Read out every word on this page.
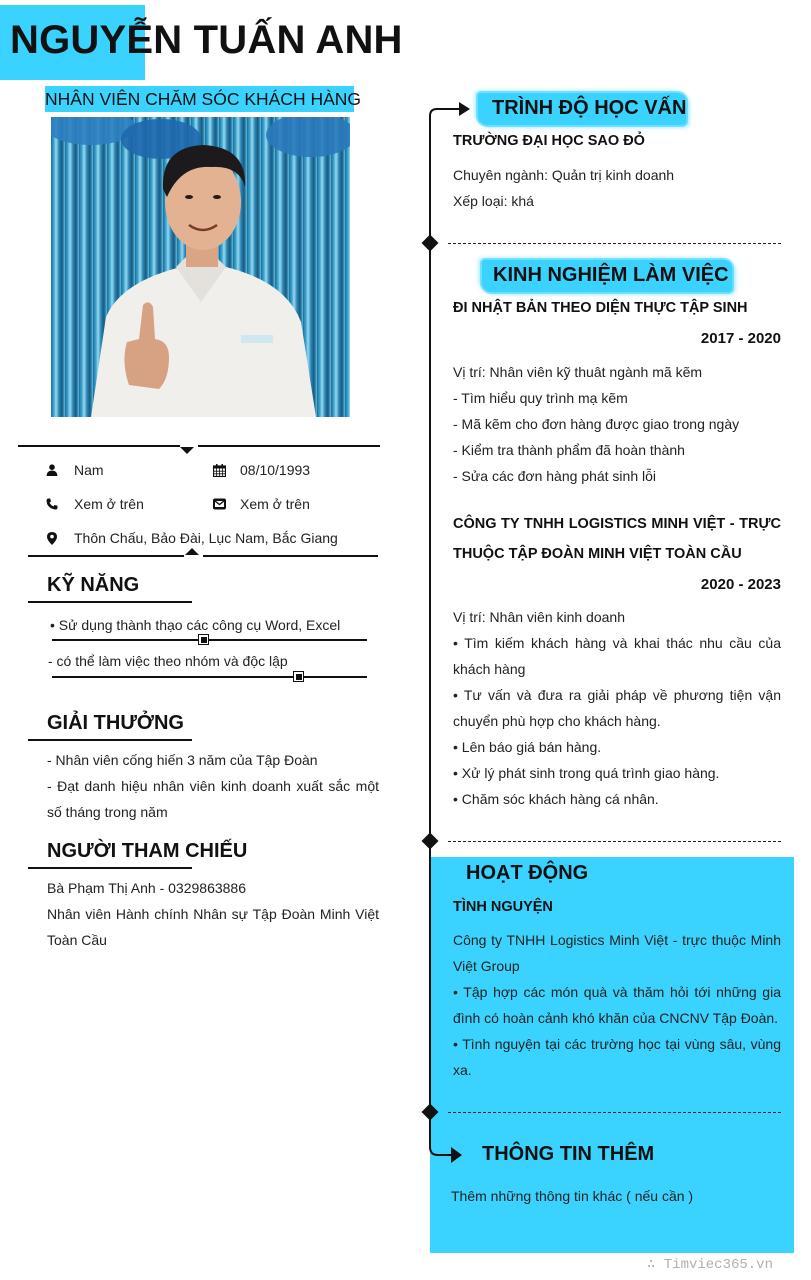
NGUYỄN TUẤN ANH
NHÂN VIÊN CHĂM SÓC KHÁCH HÀNG
Nam	08/10/1993
Xem ở trên	Xem ở trên
Thôn Chấu, Bảo Đài, Lục Nam, Bắc Giang
KỸ NĂNG
• Sử dụng thành thạo các công cụ Word, Excel
- có thể làm việc theo nhóm và độc lập
GIẢI THƯỞNG
- Nhân viên cống hiến 3 năm của Tập Đoàn
- Đạt danh hiệu nhân viên kinh doanh xuất sắc một số tháng trong năm
NGƯỜI THAM CHIẾU
Bà Phạm Thị Anh - 0329863886
Nhân viên Hành chính Nhân sự Tập Đoàn Minh Việt Toàn Cầu
TRÌNH ĐỘ HỌC VẤN
TRƯỜNG ĐẠI HỌC SAO ĐỎ
Chuyên ngành: Quản trị kinh doanh
Xếp loại: khá
KINH NGHIỆM LÀM VIỆC
ĐI NHẬT BẢN THEO DIỆN THỰC TẬP SINH
2017 - 2020
Vị trí: Nhân viên kỹ thuât ngành mã kẽm
- Tìm hiểu quy trình mạ kẽm
- Mã kẽm cho đơn hàng được giao trong ngày
- Kiểm tra thành phẩm đã hoàn thành
- Sửa các đơn hàng phát sinh lỗi
CÔNG TY TNHH LOGISTICS MINH VIỆT - TRỰC THUỘC TẬP ĐOÀN MINH VIỆT TOÀN CẦU
2020 - 2023
Vị trí: Nhân viên kinh doanh
• Tìm kiếm khách hàng và khai thác nhu cầu của khách hàng
• Tư vấn và đưa ra giải pháp về phương tiện vận chuyển phù hợp cho khách hàng.
• Lên báo giá bán hàng.
• Xử lý phát sinh trong quá trình giao hàng.
• Chăm sóc khách hàng cá nhân.
HOẠT ĐỘNG
TÌNH NGUYỆN
Công ty TNHH Logistics Minh Việt - trực thuộc Minh Việt Group
• Tập hợp các món quà và thăm hỏi tới những gia đình có hoàn cảnh khó khăn của CNCNV Tập Đoàn.
• Tình nguyện tại các trường học tại vùng sâu, vùng xa.
THÔNG TIN THÊM
Thêm những thông tin khác ( nếu cần )
∴ Timviec365.vn
